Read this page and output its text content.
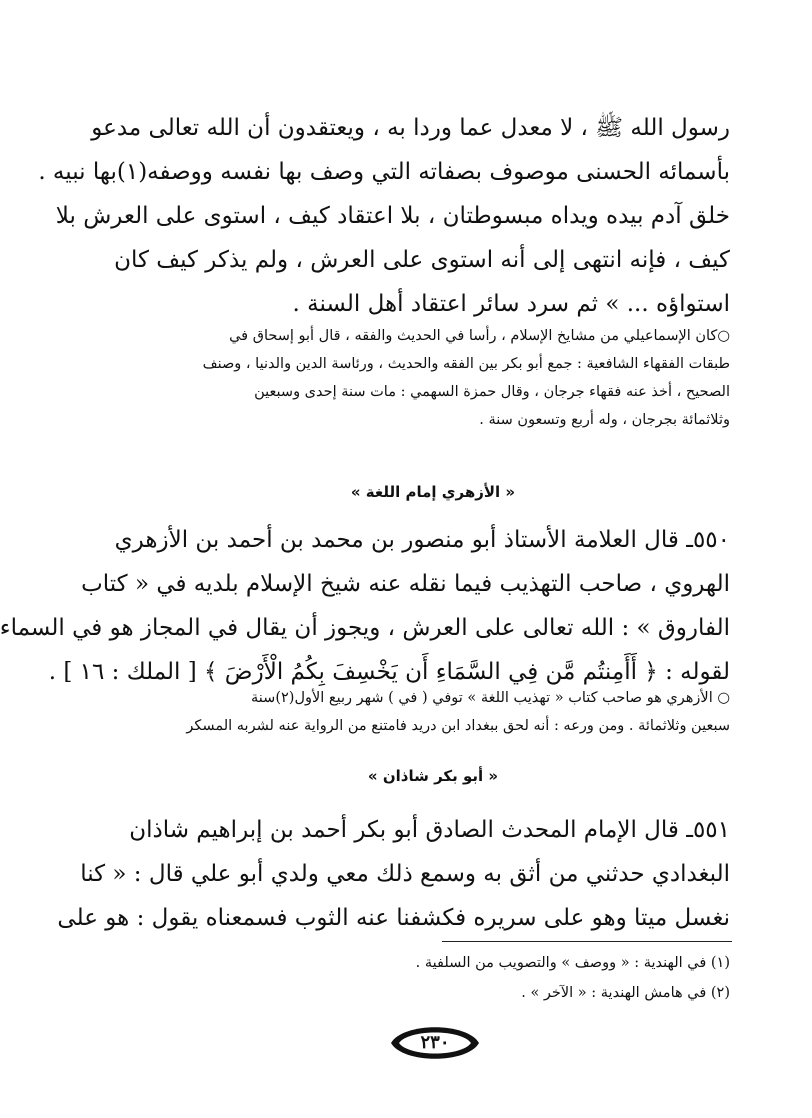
رسول الله ﷺ ، لا معدل عما وردا به ، ويعتقدون أن الله تعالى مدعو
بأسمائه الحسنى موصوف بصفاته التي وصف بها نفسه ووصفه(١)بها نبيه .
خلق آدم بيده ويداه مبسوطتان ، بلا اعتقاد كيف ، استوى على العرش بلا
كيف ، فإنه انتهى إلى أنه استوى على العرش ، ولم يذكر كيف كان
استواؤه ... » ثم سرد سائر اعتقاد أهل السنة .
○كان الإسماعيلي من مشايخ الإسلام ، رأسا في الحديث والفقه ، قال أبو إسحاق في
طبقات الفقهاء الشافعية : جمع أبو بكر بين الفقه والحديث ، ورئاسة الدين والدنيا ، وصنف
الصحيح ، أخذ عنه فقهاء جرجان ، وقال حمزة السهمي : مات سنة إحدى وسبعين
وثلاثمائة بجرجان ، وله أربع وتسعون سنة .
« الأزهري إمام اللغة »
٥٥٠ـ قال العلامة الأستاذ أبو منصور بن محمد بن أحمد بن الأزهري
الهروي ، صاحب التهذيب فيما نقله عنه شيخ الإسلام بلديه في « كتاب
الفاروق » : الله تعالى على العرش ، ويجوز أن يقال في المجاز هو في السماء
لقوله : ﴿ أَأَمِنتُم مَّن فِي السَّمَاءِ أَن يَخْسِفَ بِكُمُ الْأَرْضَ ﴾ [ الملك : ١٦ ] .
○ الأزهري هو صاحب كتاب « تهذيب اللغة » توفي ( في ) شهر ربيع الأول(٢)سنة
سبعين وثلاثمائة . ومن ورعه : أنه لحق ببغداد ابن دريد فامتنع من الرواية عنه لشربه المسكر
« أبو بكر شاذان »
٥٥١ـ قال الإمام المحدث الصادق أبو بكر أحمد بن إبراهيم شاذان
البغدادي حدثني من أثق به وسمع ذلك معي ولدي أبو علي قال : « كنا
نغسل ميتا وهو على سريره فكشفنا عنه الثوب فسمعناه يقول : هو على
(١) في الهندية : « ووصف » والتصويب من السلفية .
(٢) في هامش الهندية : « الآخر » .
٢٣٠
